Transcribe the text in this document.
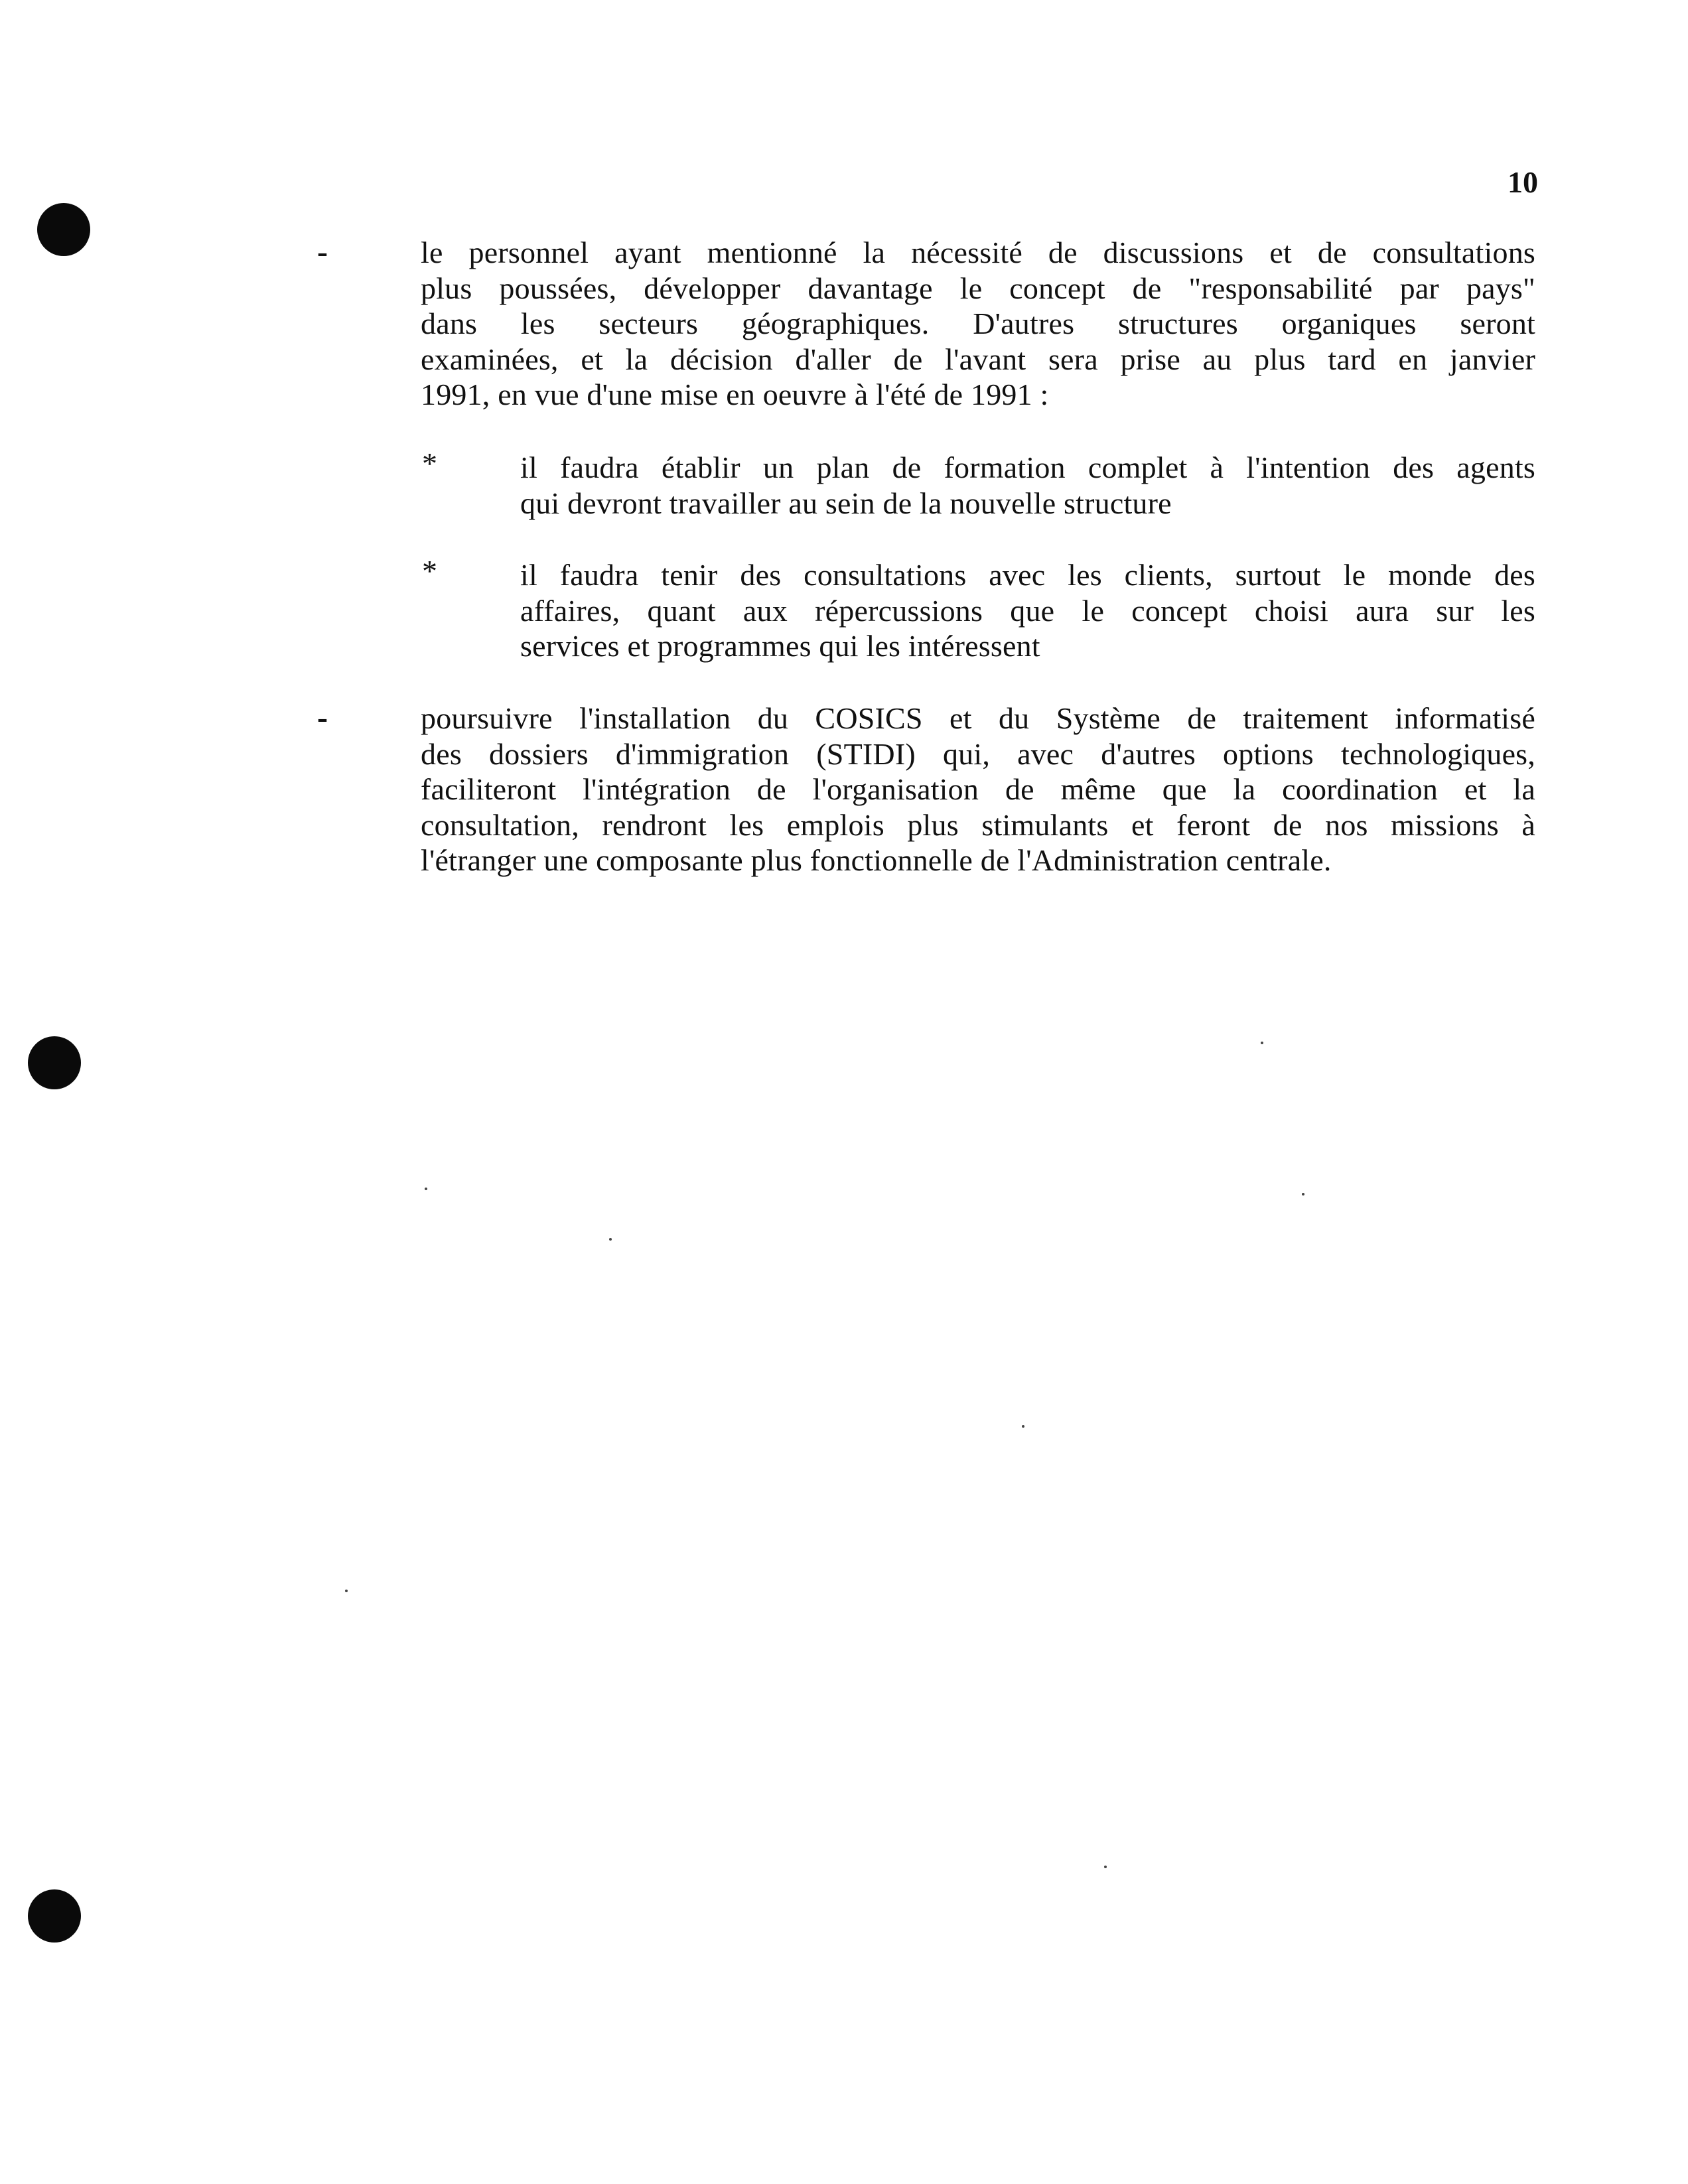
10
-	le personnel ayant mentionné la nécessité de discussions et de consultations
plus poussées, développer davantage le concept de "responsabilité par pays"
dans les secteurs géographiques. D'autres structures organiques seront
examinées, et la décision d'aller de l'avant sera prise au plus tard en janvier
1991, en vue d'une mise en oeuvre à l'été de 1991 :
*	il faudra établir un plan de formation complet à l'intention des agents
qui devront travailler au sein de la nouvelle structure
*	il faudra tenir des consultations avec les clients, surtout le monde des
affaires, quant aux répercussions que le concept choisi aura sur les
services et programmes qui les intéressent
-	poursuivre l'installation du COSICS et du Système de traitement informatisé
des dossiers d'immigration (STIDI) qui, avec d'autres options technologiques,
faciliteront l'intégration de l'organisation de même que la coordination et la
consultation, rendront les emplois plus stimulants et feront de nos missions à
l'étranger une composante plus fonctionnelle de l'Administration centrale.
